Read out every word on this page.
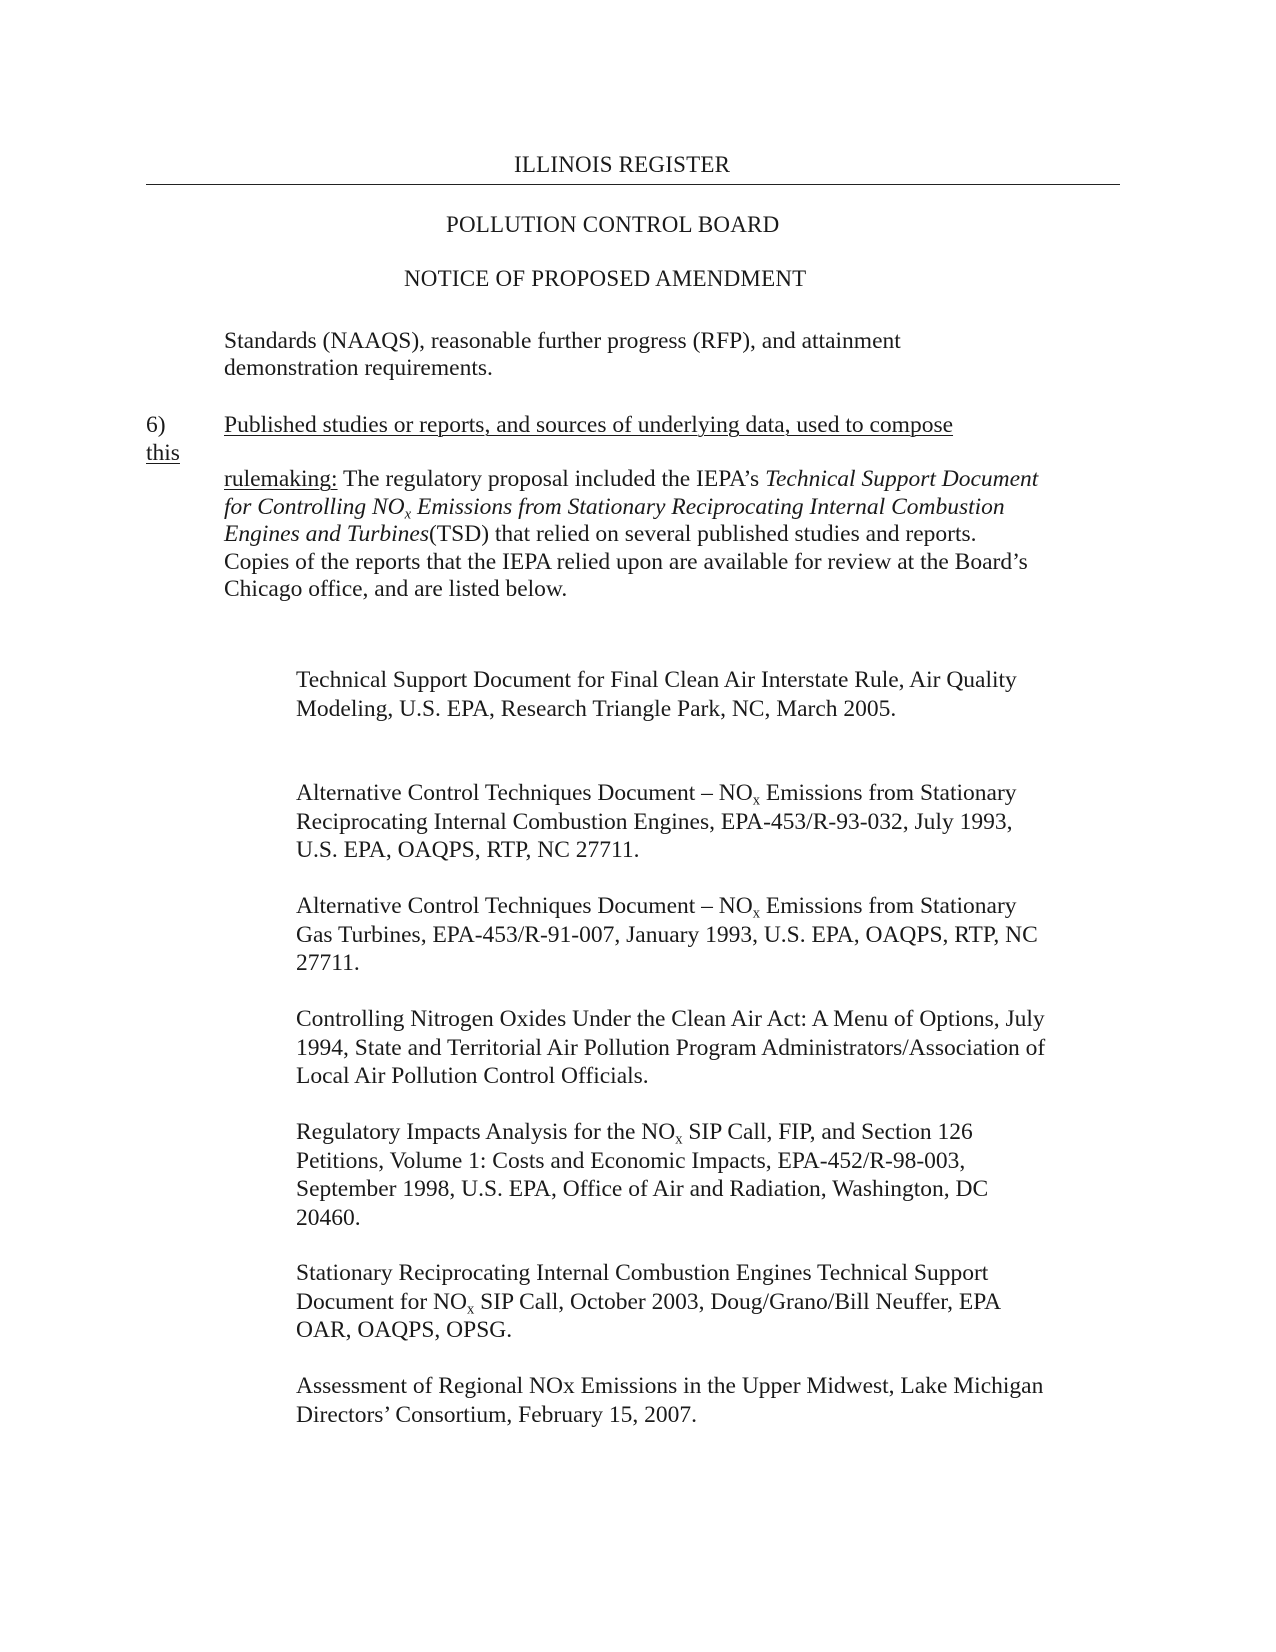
ILLINOIS REGISTER
POLLUTION CONTROL BOARD
NOTICE OF PROPOSED AMENDMENT
Standards (NAAQS), reasonable further progress (RFP), and attainment
demonstration requirements.
6) Published studies or reports, and sources of underlying data, used to compose
this
rulemaking: The regulatory proposal included the IEPA’s Technical Support Document for Controlling $NO_x$ Emissions from Stationary Reciprocating Internal Combustion Engines and Turbines(TSD) that relied on several published studies and reports. Copies of the reports that the IEPA relied upon are available for review at the Board’s Chicago office, and are listed below.
Technical Support Document for Final Clean Air Interstate Rule, Air Quality Modeling, U.S. EPA, Research Triangle Park, NC, March 2005.
Alternative Control Techniques Document – $NO_x$ Emissions from Stationary Reciprocating Internal Combustion Engines, EPA-453/R-93-032, July 1993, U.S. EPA, OAQPS, RTP, NC 27711.
Alternative Control Techniques Document – $NO_x$ Emissions from Stationary Gas Turbines, EPA-453/R-91-007, January 1993, U.S. EPA, OAQPS, RTP, NC 27711.
Controlling Nitrogen Oxides Under the Clean Air Act: A Menu of Options, July 1994, State and Territorial Air Pollution Program Administrators/Association of Local Air Pollution Control Officials.
Regulatory Impacts Analysis for the $NO_x$ SIP Call, FIP, and Section 126 Petitions, Volume 1: Costs and Economic Impacts, EPA-452/R-98-003, September 1998, U.S. EPA, Office of Air and Radiation, Washington, DC 20460.
Stationary Reciprocating Internal Combustion Engines Technical Support Document for $NO_x$ SIP Call, October 2003, Doug/Grano/Bill Neuffer, EPA OAR, OAQPS, OPSG.
Assessment of Regional NOx Emissions in the Upper Midwest, Lake Michigan Directors’ Consortium, February 15, 2007.
